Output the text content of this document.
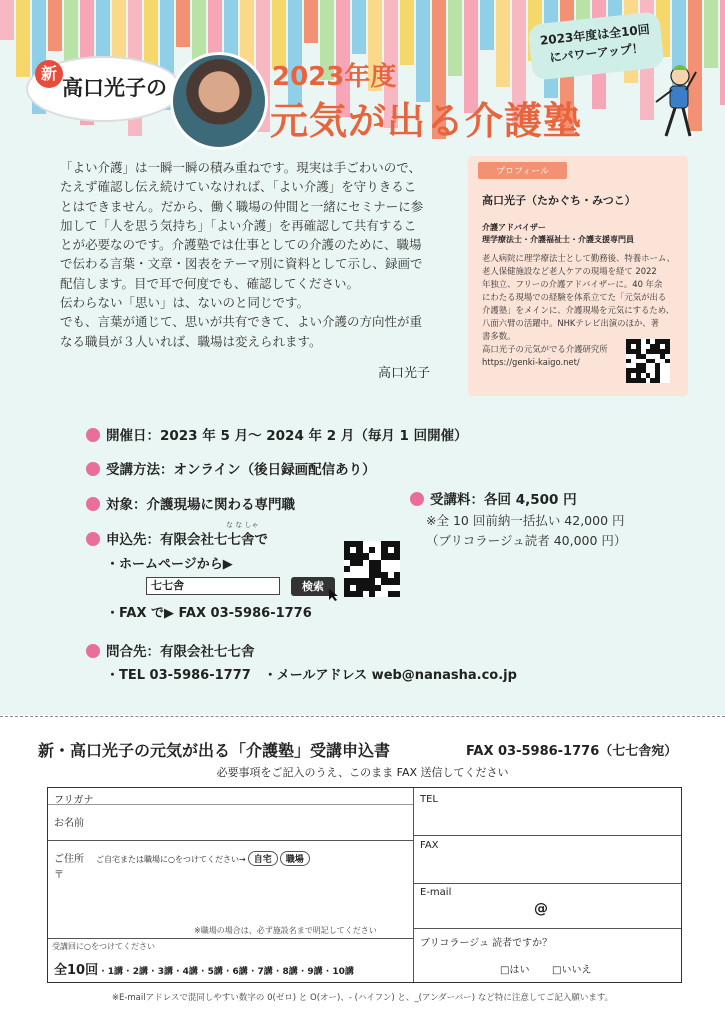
新
高口光子の	2023年度
元気が出る介護塾
2023年度は全10回
にパワーアップ！

「よい介護」は一瞬一瞬の積み重ねです。現実は手ごわいので、

たえず確認し伝え続けていなければ、「よい介護」を守りきるこ

とはできません。だから、働く職場の仲間と一緒にセミナーに参

加して「人を思う気持ち」「よい介護」を再確認して共有するこ

とが必要なのです。介護塾では仕事としての介護のために、職場

で伝わる言葉・文章・図表をテーマ別に資料として示し、録画で

配信します。目で耳で何度でも、確認してください。

伝わらない「思い」は、ないのと同じです。

でも、言葉が通じて、思いが共有できて、よい介護の方向性が重

なる職員が３人いれば、職場は変えられます。

高口光子
プロフィール
高口光子（たかぐち・みつこ）
介護アドバイザー
理学療法士・介護福祉士・介護支援専門員
老人病院に理学療法士として勤務後、特養ホーム、
老人保健施設など老人ケアの現場を経て 2022
年独立、フリーの介護アドバイザーに。40 年余
にわたる現場での経験を体系立てた「元気が出る
介護塾」をメインに、介護現場を元気にするため、
八面六臂の活躍中。NHKテレビ出演のほか、著
書多数。
高口光子の元気がでる介護研究所
https://genki-kaigo.net/
開催日：2023 年 5 月～ 2024 年 2 月（毎月 1 回開催）
受講方法：オンライン（後日録画配信あり）
対象：介護現場に関わる専門職	受講料：各回 4,500 円
※全 10 回前納一括払い 42,000 円
（ブリコラージュ読者 40,000 円）
な な しゃ
申込先：有限会社七七舎で
・ホームページから▶
七七舎	検索
・FAX で▶ FAX 03-5986-1776
問合先：有限会社七七舎
・TEL 03-5986-1777　・メールアドレス web@nanasha.co.jp
新・高口光子の元気が出る「介護塾」受講申込書	FAX 03-5986-1776（七七舎宛）
必要事項をご記入のうえ、このまま FAX 送信してください
フリガナ
お名前
ご住所 ご自宅または職場に○をつけてください→ 自宅 職場
〒
※職場の場合は、必ず施設名まで明記してください
受講回に○をつけてください
全10回 · 1講 · 2講 · 3講 · 4講 · 5講 · 6講 · 7講 · 8講 · 9講 · 10講
TEL
FAX
E-mail
@
ブリコラージュ 読者ですか？
□はい □いいえ
※E-mailアドレスで混同しやすい数字の 0(ゼロ) と O(オー)、- (ハイフン) と、_(アンダーバー) など特に注意してご記入願います。
